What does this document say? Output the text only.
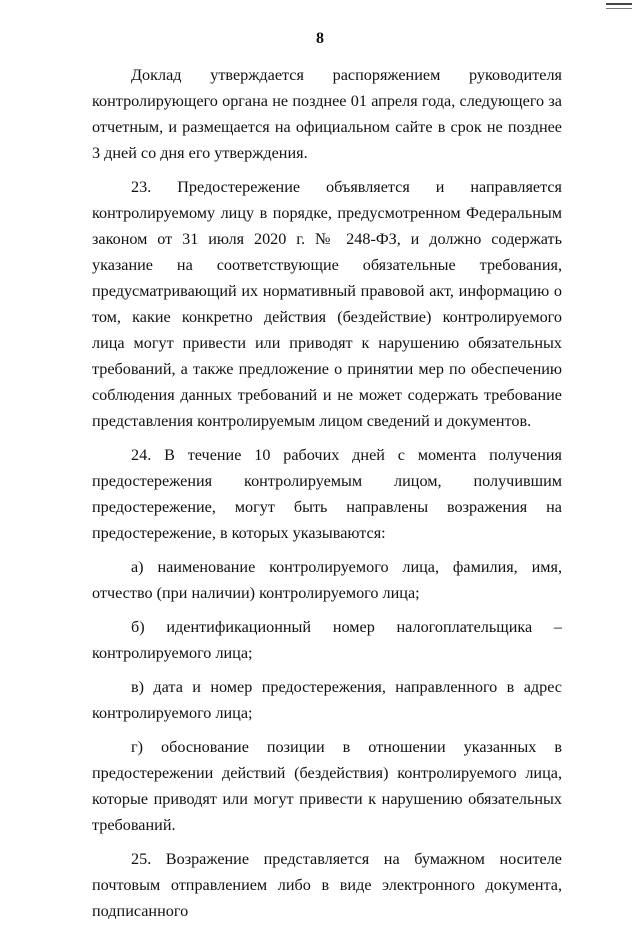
8

Доклад утверждается распоряжением руководителя контролирующего органа не позднее 01 апреля года, следующего за отчетным, и размещается на официальном сайте в срок не позднее 3 дней со дня его утверждения.

23. Предостережение объявляется и направляется контролируемому лицу в порядке, предусмотренном Федеральным законом от 31 июля 2020 г. № 248-ФЗ, и должно содержать указание на соответствующие обязательные требования, предусматривающий их нормативный правовой акт, информацию о том, какие конкретно действия (бездействие) контролируемого лица могут привести или приводят к нарушению обязательных требований, а также предложение о принятии мер по обеспечению соблюдения данных требований и не может содержать требование представления контролируемым лицом сведений и документов.

24. В течение 10 рабочих дней с момента получения предостережения контролируемым лицом, получившим предостережение, могут быть направлены возражения на предостережение, в которых указываются:

а) наименование контролируемого лица, фамилия, имя, отчество (при наличии) контролируемого лица;

б) идентификационный номер налогоплательщика – контролируемого лица;

в) дата и номер предостережения, направленного в адрес контролируемого лица;

г) обоснование позиции в отношении указанных в предостережении действий (бездействия) контролируемого лица, которые приводят или могут привести к нарушению обязательных требований.

25. Возражение представляется на бумажном носителе почтовым отправлением либо в виде электронного документа, подписанного
